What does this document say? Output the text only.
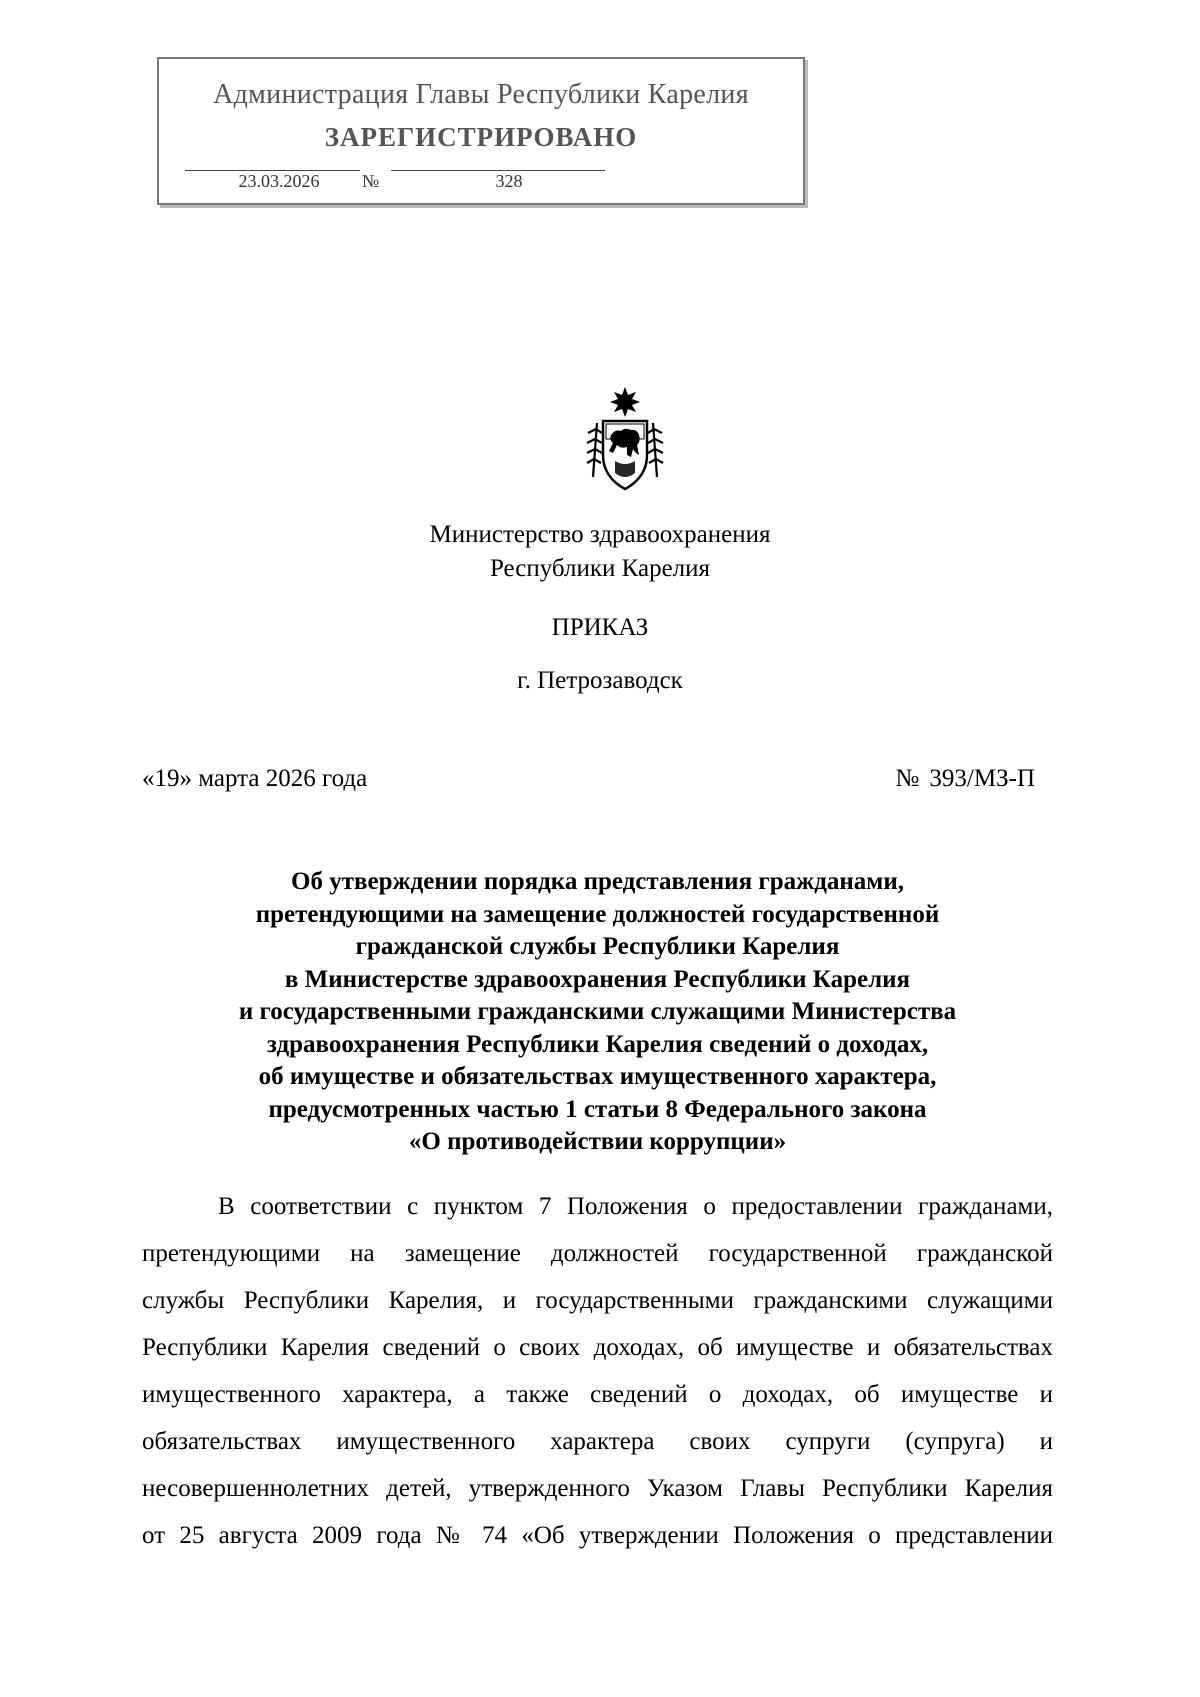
Администрация Главы Республики Карелия
ЗАРЕГИСТРИРОВАНО
23.03.2026	№	328
Министерство здравоохранения
Республики Карелия
ПРИКАЗ
г. Петрозаводск
«19» марта 2026 года	№ 393/МЗ-П
Об утверждении порядка представления гражданами,
претендующими на замещение должностей государственной
гражданской службы Республики Карелия
в Министерстве здравоохранения Республики Карелия
и государственными гражданскими служащими Министерства
здравоохранения Республики Карелия сведений о доходах,
об имуществе и обязательствах имущественного характера,
предусмотренных частью 1 статьи 8 Федерального закона
«О противодействии коррупции»
В соответствии с пунктом 7 Положения о предоставлении гражданами,
претендующими на замещение должностей государственной гражданской
службы Республики Карелия, и государственными гражданскими служащими
Республики Карелия сведений о своих доходах, об имуществе и обязательствах
имущественного характера, а также сведений о доходах, об имуществе и
обязательствах имущественного характера своих супруги (супруга) и
несовершеннолетних детей, утвержденного Указом Главы Республики Карелия
от 25 августа 2009 года № 74 «Об утверждении Положения о представлении
